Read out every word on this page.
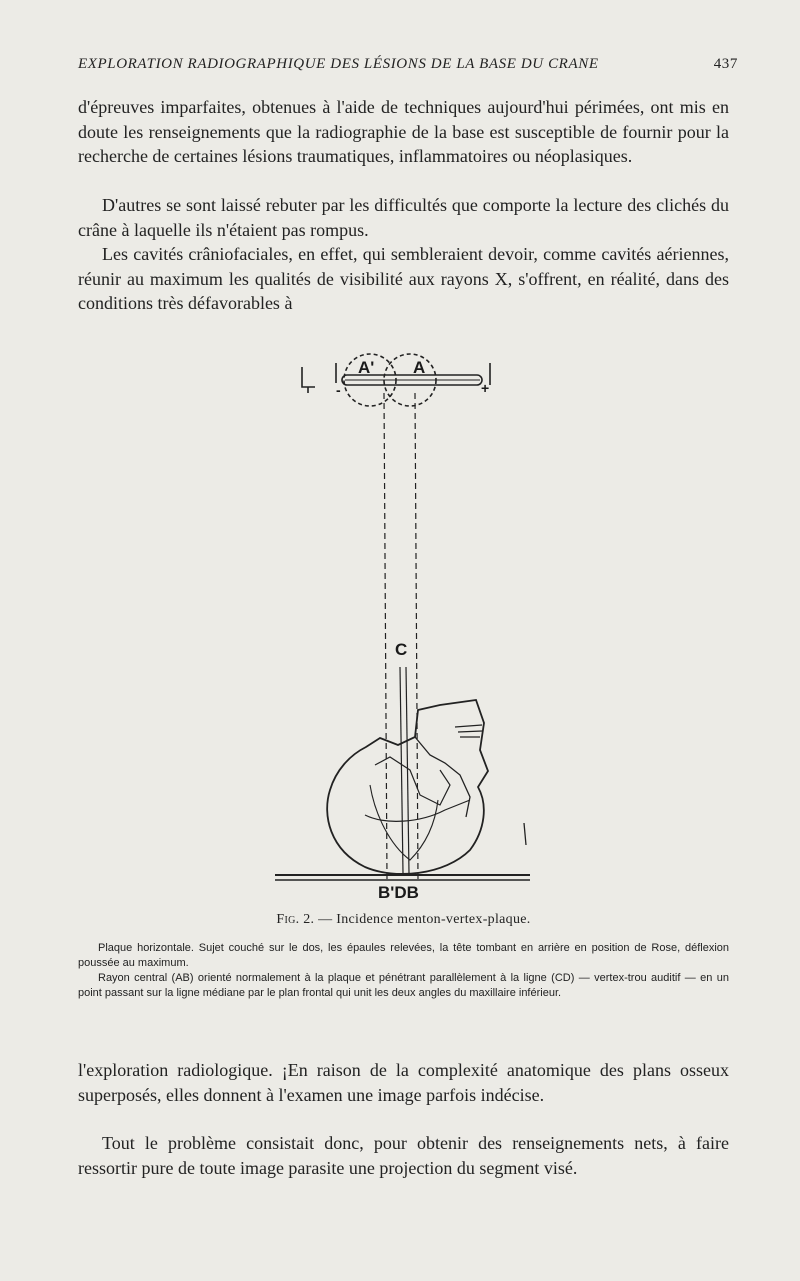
EXPLORATION RADIOGRAPHIQUE DES LÉSIONS DE LA BASE DU CRANE	437

d'épreuves imparfaites, obtenues à l'aide de techniques aujourd'hui périmées, ont mis en doute les renseignements que la radiographie de la base est susceptible de fournir pour la recherche de certaines lésions traumatiques, inflammatoires ou néoplasiques.

D'autres se sont laissé rebuter par les difficultés que comporte la lecture des clichés du crâne à laquelle ils n'étaient pas rompus.

Les cavités crâniofaciales, en effet, qui sembleraient devoir, comme cavités aériennes, réunir au maximum les qualités de visibilité aux rayons X, s'offrent, en réalité, dans des conditions très défavorables à

A' A
+
-
C
B'DB
Fig. 2. — Incidence menton-vertex-plaque.

Plaque horizontale. Sujet couché sur le dos, les épaules relevées, la tête tombant en arrière en position de Rose, déflexion poussée au maximum.

Rayon central (AB) orienté normalement à la plaque et pénétrant parallèlement à la ligne (CD) — vertex-trou auditif — en un point passant sur la ligne médiane par le plan frontal qui unit les deux angles du maxillaire inférieur.

l'exploration radiologique. ¡En raison de la complexité anatomique des plans osseux superposés, elles donnent à l'examen une image parfois indécise.

Tout le problème consistait donc, pour obtenir des renseignements nets, à faire ressortir pure de toute image parasite une projection du segment visé.
